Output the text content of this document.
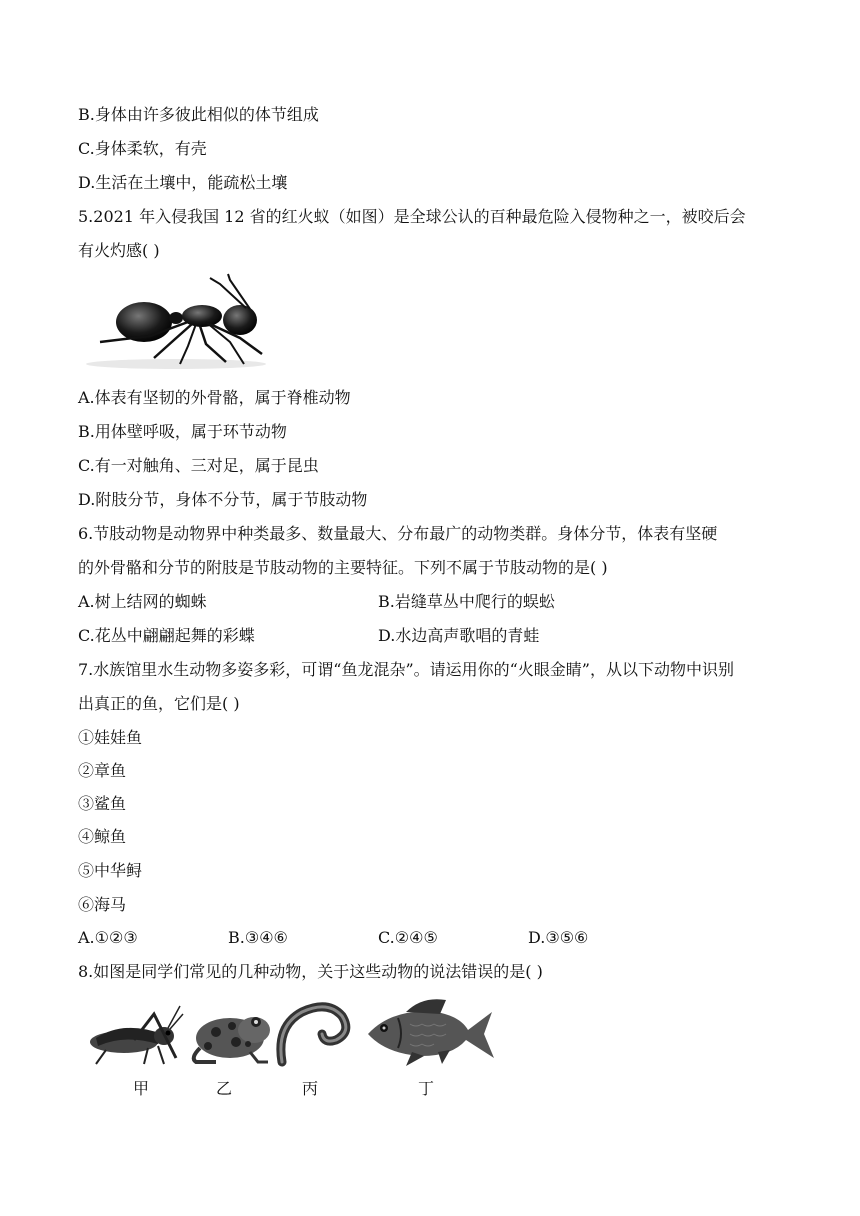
B.身体由许多彼此相似的体节组成
C.身体柔软，有壳
D.生活在土壤中，能疏松土壤
5.2021 年入侵我国 12 省的红火蚁（如图）是全球公认的百种最危险入侵物种之一，被咬后会
有火灼感( )
A.体表有坚韧的外骨骼，属于脊椎动物
B.用体壁呼吸，属于环节动物
C.有一对触角、三对足，属于昆虫
D.附肢分节，身体不分节，属于节肢动物
6.节肢动物是动物界中种类最多、数量最大、分布最广的动物类群。身体分节，体表有坚硬
的外骨骼和分节的附肢是节肢动物的主要特征。下列不属于节肢动物的是( )
A.树上结网的蜘蛛	B.岩缝草丛中爬行的蜈蚣
C.花丛中翩翩起舞的彩蝶	D.水边高声歌唱的青蛙
7.水族馆里水生动物多姿多彩，可谓“鱼龙混杂”。请运用你的“火眼金睛”，从以下动物中识别
出真正的鱼，它们是( )
①娃娃鱼
②章鱼
③鲨鱼
④鲸鱼
⑤中华鲟
⑥海马
A.①②③	B.③④⑥	C.②④⑤	D.③⑤⑥
8.如图是同学们常见的几种动物，关于这些动物的说法错误的是( )
甲	乙	丙	丁
